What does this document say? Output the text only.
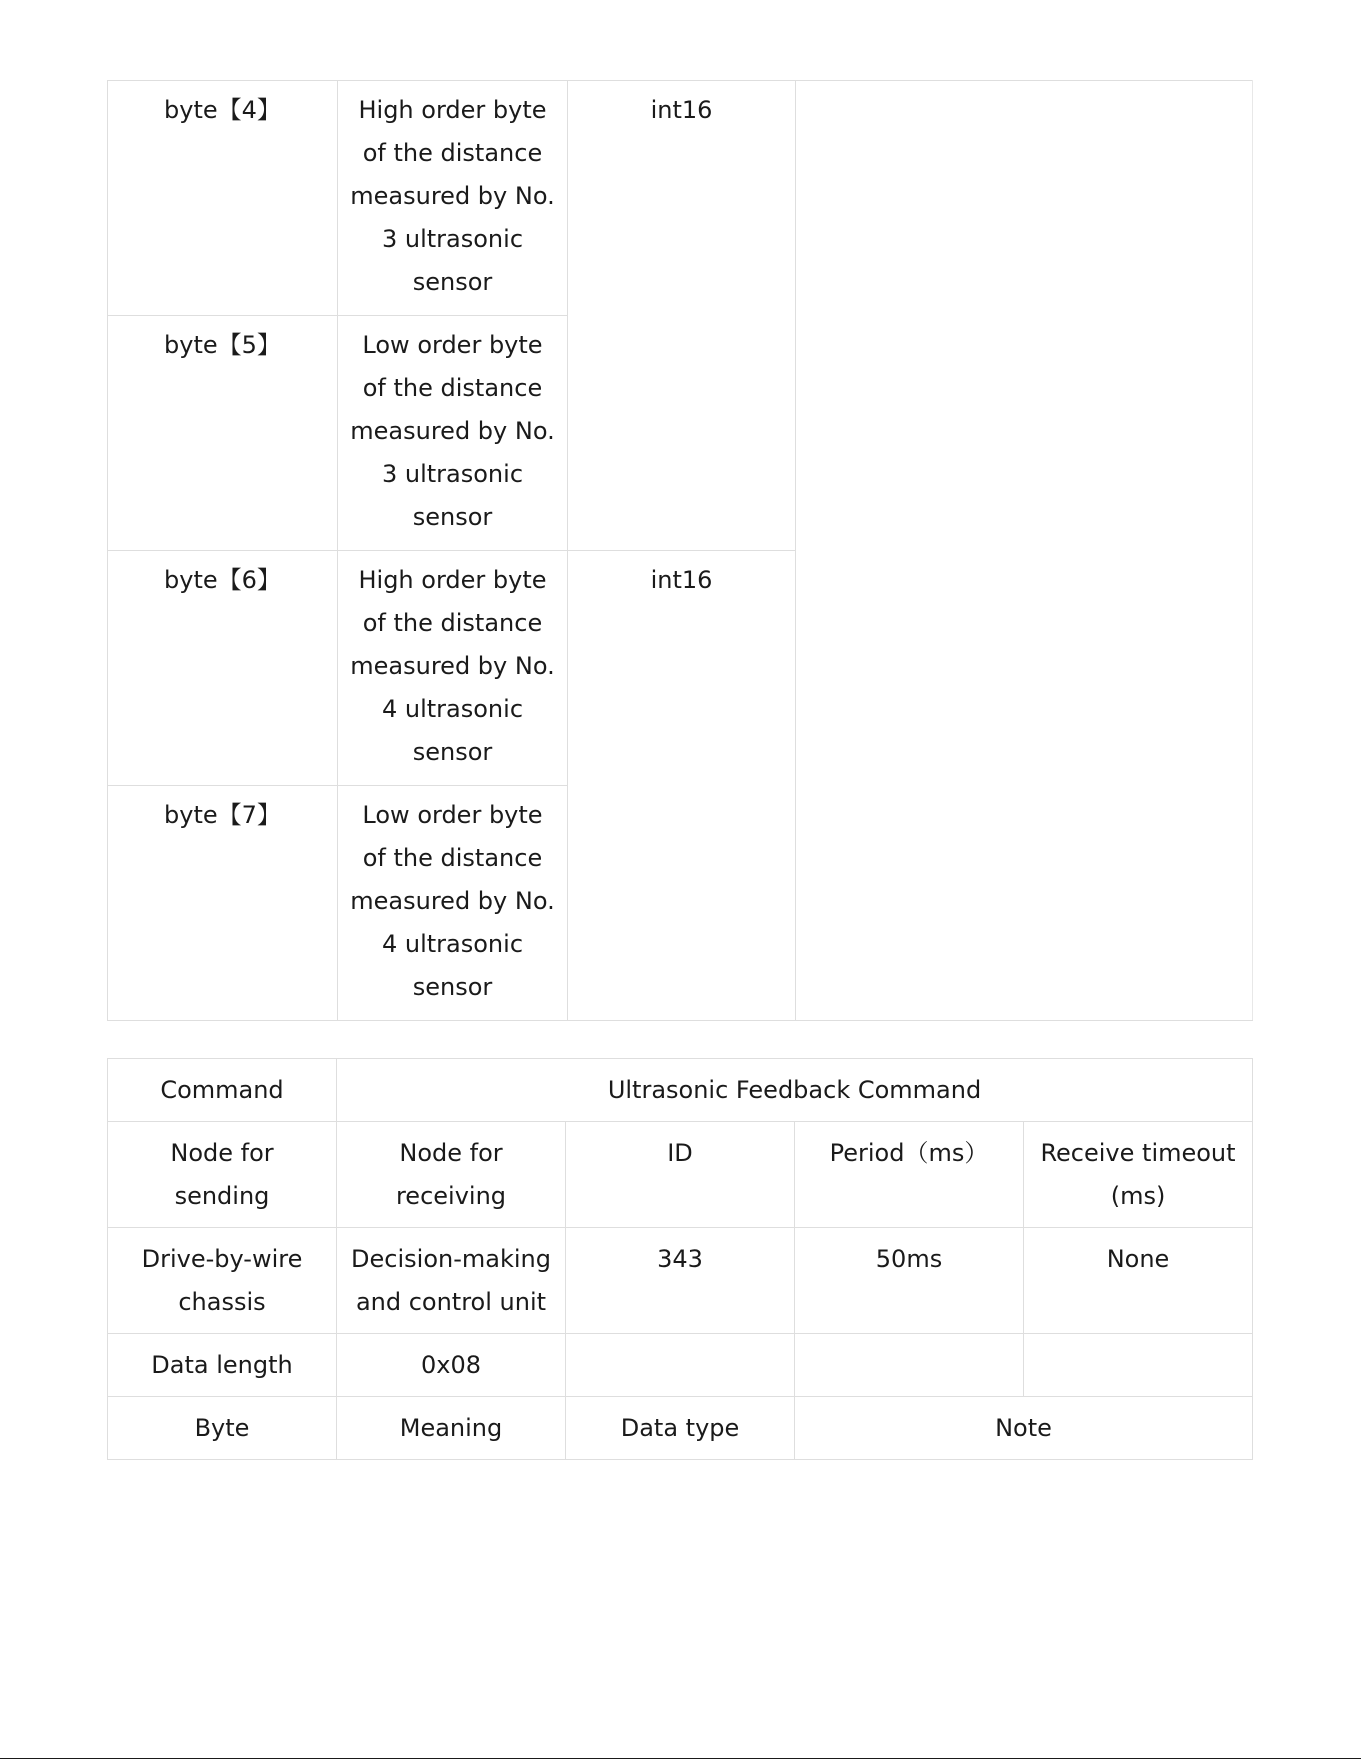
byte【4】	High order byte of the distance measured by No. 3 ultrasonic sensor	int16	
byte【5】	Low order byte of the distance measured by No. 3 ultrasonic sensor		
byte【6】	High order byte of the distance measured by No. 4 ultrasonic sensor	int16	
byte【7】	Low order byte of the distance measured by No. 4 ultrasonic sensor		
Command	Ultrasonic Feedback Command			
Node for sending	Node for receiving	ID	Period（ms）	Receive timeout (ms)
Drive-by-wire chassis	Decision-making and control unit	343	50ms	None
Data length	0x08			
Byte	Meaning	Data type	Note	
